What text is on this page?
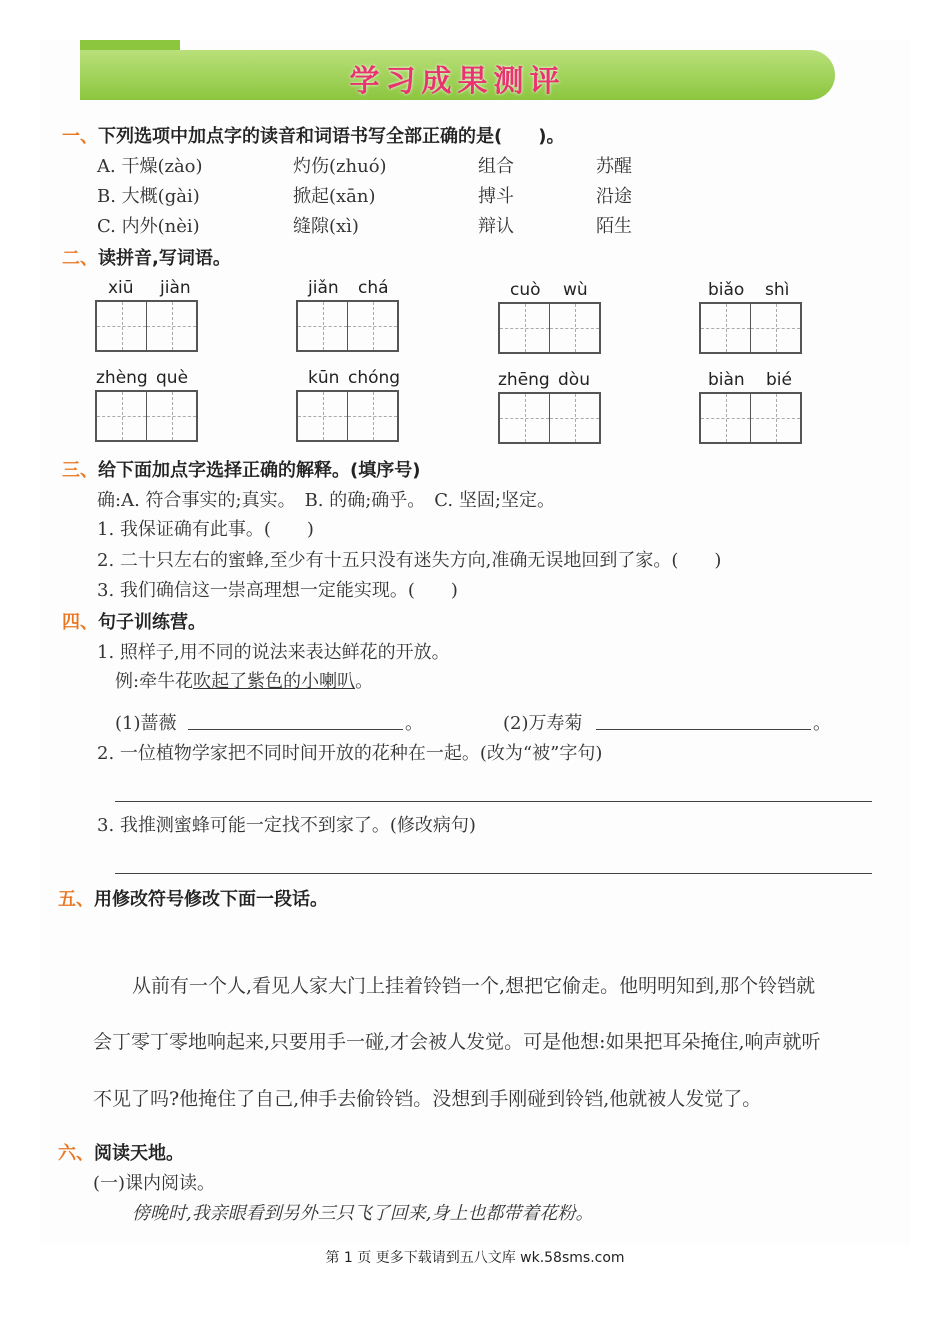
学习成果测评
一、下列选项中加点字的读音和词语书写全部正确的是(　　)。
A. 干燥(zào)	灼伤(zhuó)	组合	苏醒
B. 大概(gài)	掀起(xān)	搏斗	沿途
C. 内外(nèi)	缝隙(xì)	辩认	陌生
二、读拼音,写词语。
xiū jiàn	jiǎn chá	cuò wù	biǎo shì
zhèng què	kūn chóng	zhēng dòu	biàn bié
三、给下面加点字选择正确的解释。(填序号)
确:A. 符合事实的;真实。　B. 的确;确乎。　C. 坚固;坚定。
1. 我保证确有此事。(　　)
2. 二十只左右的蜜蜂,至少有十五只没有迷失方向,准确无误地回到了家。(　　)
3. 我们确信这一崇高理想一定能实现。(　　)
四、句子训练营。
1. 照样子,用不同的说法来表达鲜花的开放。
例:牵牛花吹起了紫色的小喇叭。
(1)蔷薇	。	(2)万寿菊	。
2. 一位植物学家把不同时间开放的花种在一起。(改为“被”字句)
3. 我推测蜜蜂可能一定找不到家了。(修改病句)
五、用修改符号修改下面一段话。
从前有一个人,看见人家大门上挂着铃铛一个,想把它偷走。他明明知到,那个铃铛就
会丁零丁零地响起来,只要用手一碰,才会被人发觉。可是他想:如果把耳朵掩住,响声就听
不见了吗?他掩住了自己,伸手去偷铃铛。没想到手刚碰到铃铛,他就被人发觉了。
六、阅读天地。
(一)课内阅读。
傍晚时,我亲眼看到另外三只飞了回来,身上也都带着花粉。
第 1 页 更多下载请到五八文库 wk.58sms.com
